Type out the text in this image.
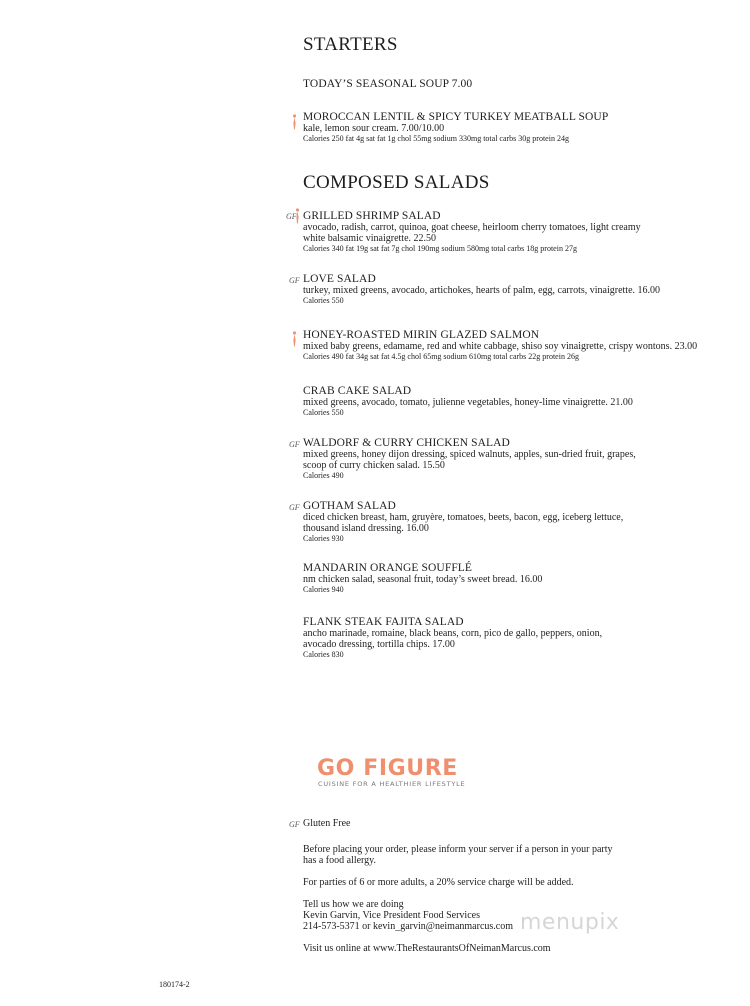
STARTERS
TODAY’S SEASONAL SOUP 7.00
MOROCCAN LENTIL & SPICY TURKEY MEATBALL SOUP
kale, lemon sour cream. 7.00/10.00
Calories 250 fat 4g sat fat 1g chol 55mg sodium 330mg total carbs 30g protein 24g
COMPOSED SALADS
GF GRILLED SHRIMP SALAD
avocado, radish, carrot, quinoa, goat cheese, heirloom cherry tomatoes, light creamy
white balsamic vinaigrette. 22.50
Calories 340 fat 19g sat fat 7g chol 190mg sodium 580mg total carbs 18g protein 27g
GF LOVE SALAD
turkey, mixed greens, avocado, artichokes, hearts of palm, egg, carrots, vinaigrette. 16.00
Calories 550
HONEY-ROASTED MIRIN GLAZED SALMON
mixed baby greens, edamame, red and white cabbage, shiso soy vinaigrette, crispy wontons. 23.00
Calories 490 fat 34g sat fat 4.5g chol 65mg sodium 610mg total carbs 22g protein 26g
CRAB CAKE SALAD
mixed greens, avocado, tomato, julienne vegetables, honey-lime vinaigrette. 21.00
Calories 550
GF WALDORF & CURRY CHICKEN SALAD
mixed greens, honey dijon dressing, spiced walnuts, apples, sun-dried fruit, grapes,
scoop of curry chicken salad. 15.50
Calories 490
GF GOTHAM SALAD
diced chicken breast, ham, gruyère, tomatoes, beets, bacon, egg, iceberg lettuce,
thousand island dressing. 16.00
Calories 930
MANDARIN ORANGE SOUFFLÉ
nm chicken salad, seasonal fruit, today’s sweet bread. 16.00
Calories 940
FLANK STEAK FAJITA SALAD
ancho marinade, romaine, black beans, corn, pico de gallo, peppers, onion,
avocado dressing, tortilla chips. 17.00
Calories 830
GO FIGURE
CUISINE FOR A HEALTHIER LIFESTYLE
GF Gluten Free
Before placing your order, please inform your server if a person in your party
has a food allergy.
For parties of 6 or more adults, a 20% service charge will be added.
Tell us how we are doing
Kevin Garvin, Vice President Food Services
214-573-5371 or kevin_garvin@neimanmarcus.com
Visit us online at www.TheRestaurantsOfNeimanMarcus.com
menupix
180174-2
